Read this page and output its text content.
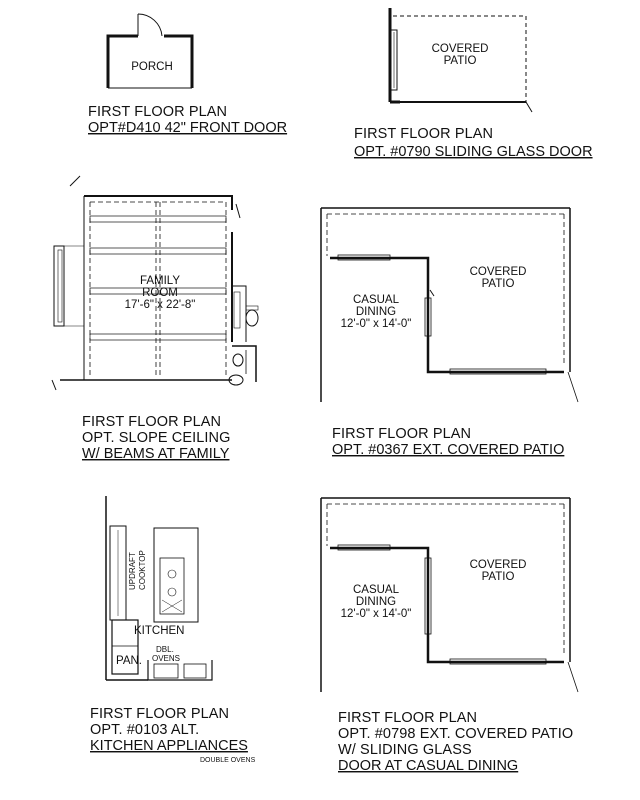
PORCH
FIRST FLOOR PLAN
OPT#D410 42" FRONT DOOR
COVERED
PATIO
FIRST FLOOR PLAN
OPT. #0790 SLIDING GLASS DOOR
FAMILY
ROOM
17'-6" x 22'-8"
FIRST FLOOR PLAN
OPT. SLOPE CEILING
W/ BEAMS AT FAMILY
CASUAL
DINING
12'-0" x 14'-0"
COVERED
PATIO
FIRST FLOOR PLAN
OPT. #0367 EXT. COVERED PATIO
UPDRAFT COOKTOP
KITCHEN
PAN.
DBL.
OVENS
FIRST FLOOR PLAN
OPT. #0103 ALT.
KITCHEN APPLIANCES
DOUBLE OVENS
CASUAL
DINING
12'-0" x 14'-0"
COVERED
PATIO
FIRST FLOOR PLAN
OPT. #0798 EXT. COVERED PATIO
W/ SLIDING GLASS
DOOR AT CASUAL DINING
